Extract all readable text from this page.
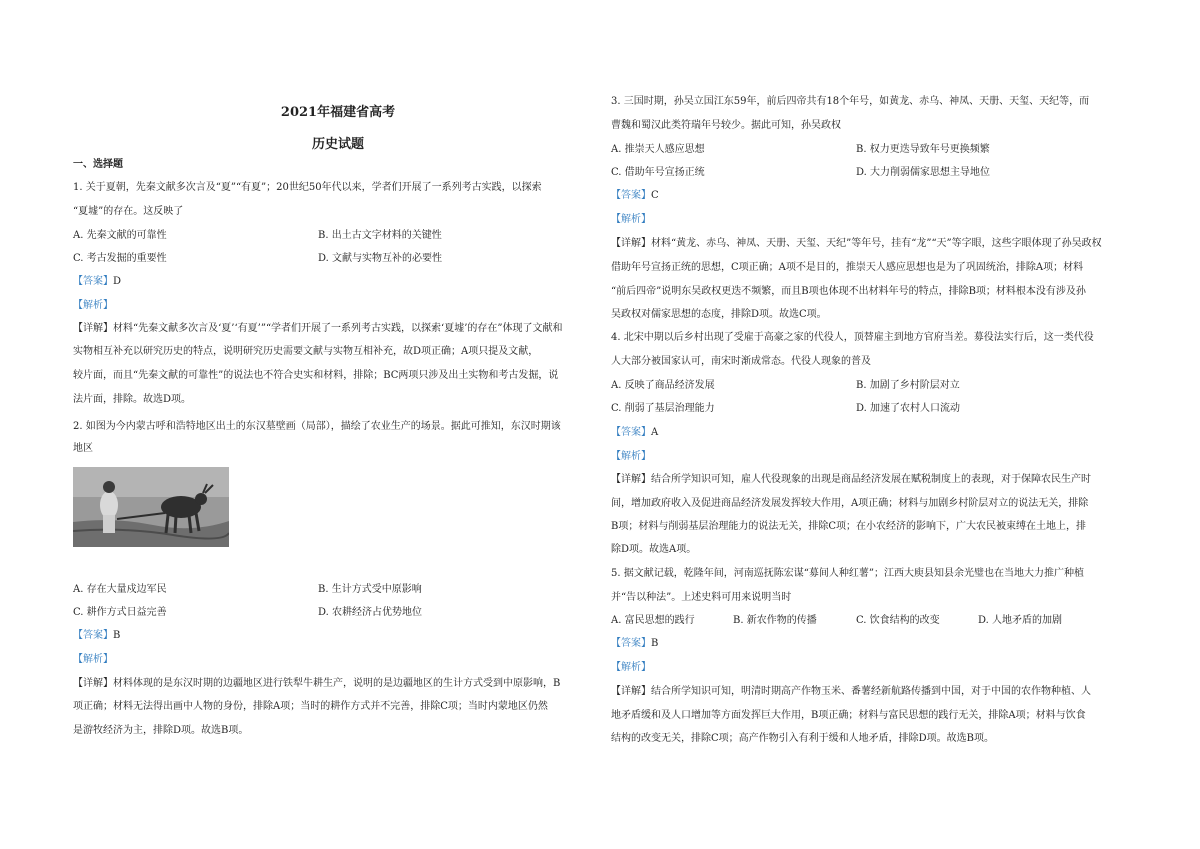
2021年福建省高考
历史试题
一、选择题
1. 关于夏朝，先秦文献多次言及“夏”“有夏”；20世纪50年代以来，学者们开展了一系列考古实践，以探索
“夏墟”的存在。这反映了
A. 先秦文献的可靠性	B. 出土古文字材料的关键性
C. 考古发掘的重要性	D. 文献与实物互补的必要性
【答案】D
【解析】
【详解】材料“先秦文献多次言及‘夏’‘有夏’”“学者们开展了一系列考古实践，以探索‘夏墟’的存在”体现了文献和
实物相互补充以研究历史的特点，说明研究历史需要文献与实物互相补充，故D项正确；A项只提及文献，
较片面，而且“先秦文献的可靠性”的说法也不符合史实和材料，排除；BC两项只涉及出土实物和考古发掘，说
法片面，排除。故选D项。
2. 如图为今内蒙古呼和浩特地区出土的东汉墓壁画（局部），描绘了农业生产的场景。据此可推知，东汉时期该
地区
A. 存在大量戍边军民	B. 生计方式受中原影响
C. 耕作方式日益完善	D. 农耕经济占优势地位
【答案】B
【解析】
【详解】材料体现的是东汉时期的边疆地区进行铁犁牛耕生产，说明的是边疆地区的生计方式受到中原影响，B
项正确；材料无法得出画中人物的身份，排除A项；当时的耕作方式并不完善，排除C项；当时内蒙地区仍然
是游牧经济为主，排除D项。故选B项。
3. 三国时期，孙吴立国江东59年，前后四帝共有18个年号，如黄龙、赤乌、神凤、天册、天玺、天纪等，而
曹魏和蜀汉此类符瑞年号较少。据此可知，孙吴政权
A. 推崇天人感应思想	B. 权力更迭导致年号更换频繁
C. 借助年号宣扬正统	D. 大力削弱儒家思想主导地位
【答案】C
【解析】
【详解】材料“黄龙、赤乌、神凤、天册、天玺、天纪”等年号，挂有“龙”“天”等字眼，这些字眼体现了孙吴政权
借助年号宣扬正统的思想，C项正确；A项不是目的，推崇天人感应思想也是为了巩固统治，排除A项；材料
“前后四帝”说明东吴政权更迭不频繁，而且B项也体现不出材料年号的特点，排除B项；材料根本没有涉及孙
吴政权对儒家思想的态度，排除D项。故选C项。
4. 北宋中期以后乡村出现了受雇于高豪之家的代役人，顶替雇主到地方官府当差。募役法实行后，这一类代役
人大部分被国家认可，南宋时渐成常态。代役人现象的普及
A. 反映了商品经济发展	B. 加剧了乡村阶层对立
C. 削弱了基层治理能力	D. 加速了农村人口流动
【答案】A
【解析】
【详解】结合所学知识可知，雇人代役现象的出现是商品经济发展在赋税制度上的表现，对于保障农民生产时
间，增加政府收入及促进商品经济发展发挥较大作用，A项正确；材料与加剧乡村阶层对立的说法无关，排除
B项；材料与削弱基层治理能力的说法无关，排除C项；在小农经济的影响下，广大农民被束缚在土地上，排
除D项。故选A项。
5. 据文献记载，乾隆年间，河南巡抚陈宏谋“募间人种红薯”；江西大庾县知县余光璧也在当地大力推广种植
并“告以种法”。上述史料可用来说明当时
A. 富民思想的践行	B. 新农作物的传播	C. 饮食结构的改变	D. 人地矛盾的加剧
【答案】B
【解析】
【详解】结合所学知识可知，明清时期高产作物玉米、番薯经新航路传播到中国，对于中国的农作物种植、人
地矛盾缓和及人口增加等方面发挥巨大作用，B项正确；材料与富民思想的践行无关，排除A项；材料与饮食
结构的改变无关，排除C项；高产作物引入有利于缓和人地矛盾，排除D项。故选B项。
